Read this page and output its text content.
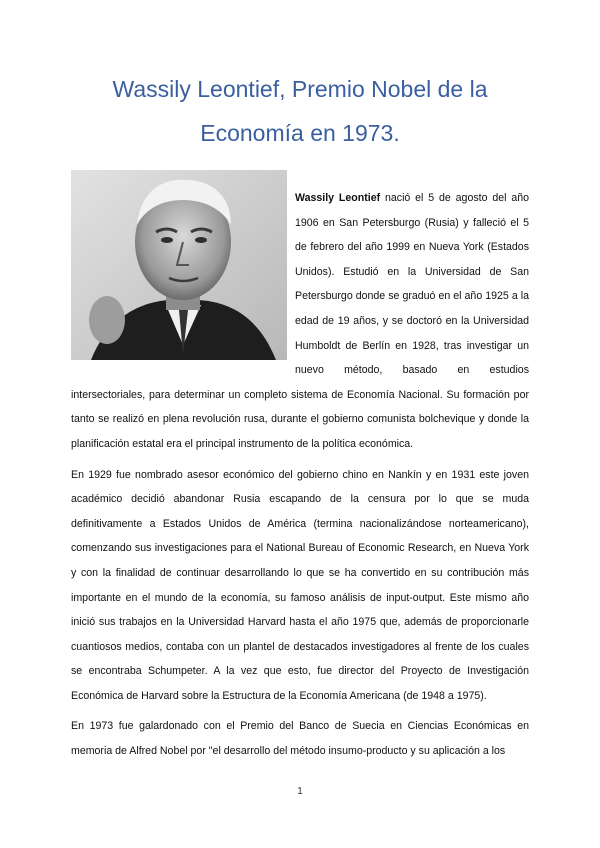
Wassily Leontief, Premio Nobel de la
Economía en 1973.

Wassily Leontief nació el 5 de agosto del año 1906 en San Petersburgo (Rusia) y falleció el 5 de febrero del año 1999 en Nueva York (Estados Unidos). Estudió en la Universidad de San Petersburgo donde se graduó en el año 1925 a la edad de 19 años, y se doctoró en la Universidad Humboldt de Berlín en 1928, tras investigar un nuevo método, basado en estudios intersectoriales, para determinar un completo sistema de Economía Nacional. Su formación por tanto se realizó en plena revolución rusa, durante el gobierno comunista bolchevique y donde la planificación estatal era el principal instrumento de la política económica.

En 1929 fue nombrado asesor económico del gobierno chino en Nankín y en 1931 este joven académico decidió abandonar Rusia escapando de la censura por lo que se muda definitivamente a Estados Unidos de América (termina nacionalizándose norteamericano), comenzando sus investigaciones para el National Bureau of Economic Research, en Nueva York y con la finalidad de continuar desarrollando lo que se ha convertido en su contribución más importante en el mundo de la economía, su famoso análisis de input-output. Este mismo año inició sus trabajos en la Universidad Harvard hasta el año 1975 que, además de proporcionarle cuantiosos medios, contaba con un plantel de destacados investigadores al frente de los cuales se encontraba Schumpeter. A la vez que esto, fue director del Proyecto de Investigación Económica de Harvard sobre la Estructura de la Economía Americana (de 1948 a 1975).

En 1973 fue galardonado con el Premio del Banco de Suecia en Ciencias Económicas en memoria de Alfred Nobel por "el desarrollo del método insumo-producto y su aplicación a los

1
